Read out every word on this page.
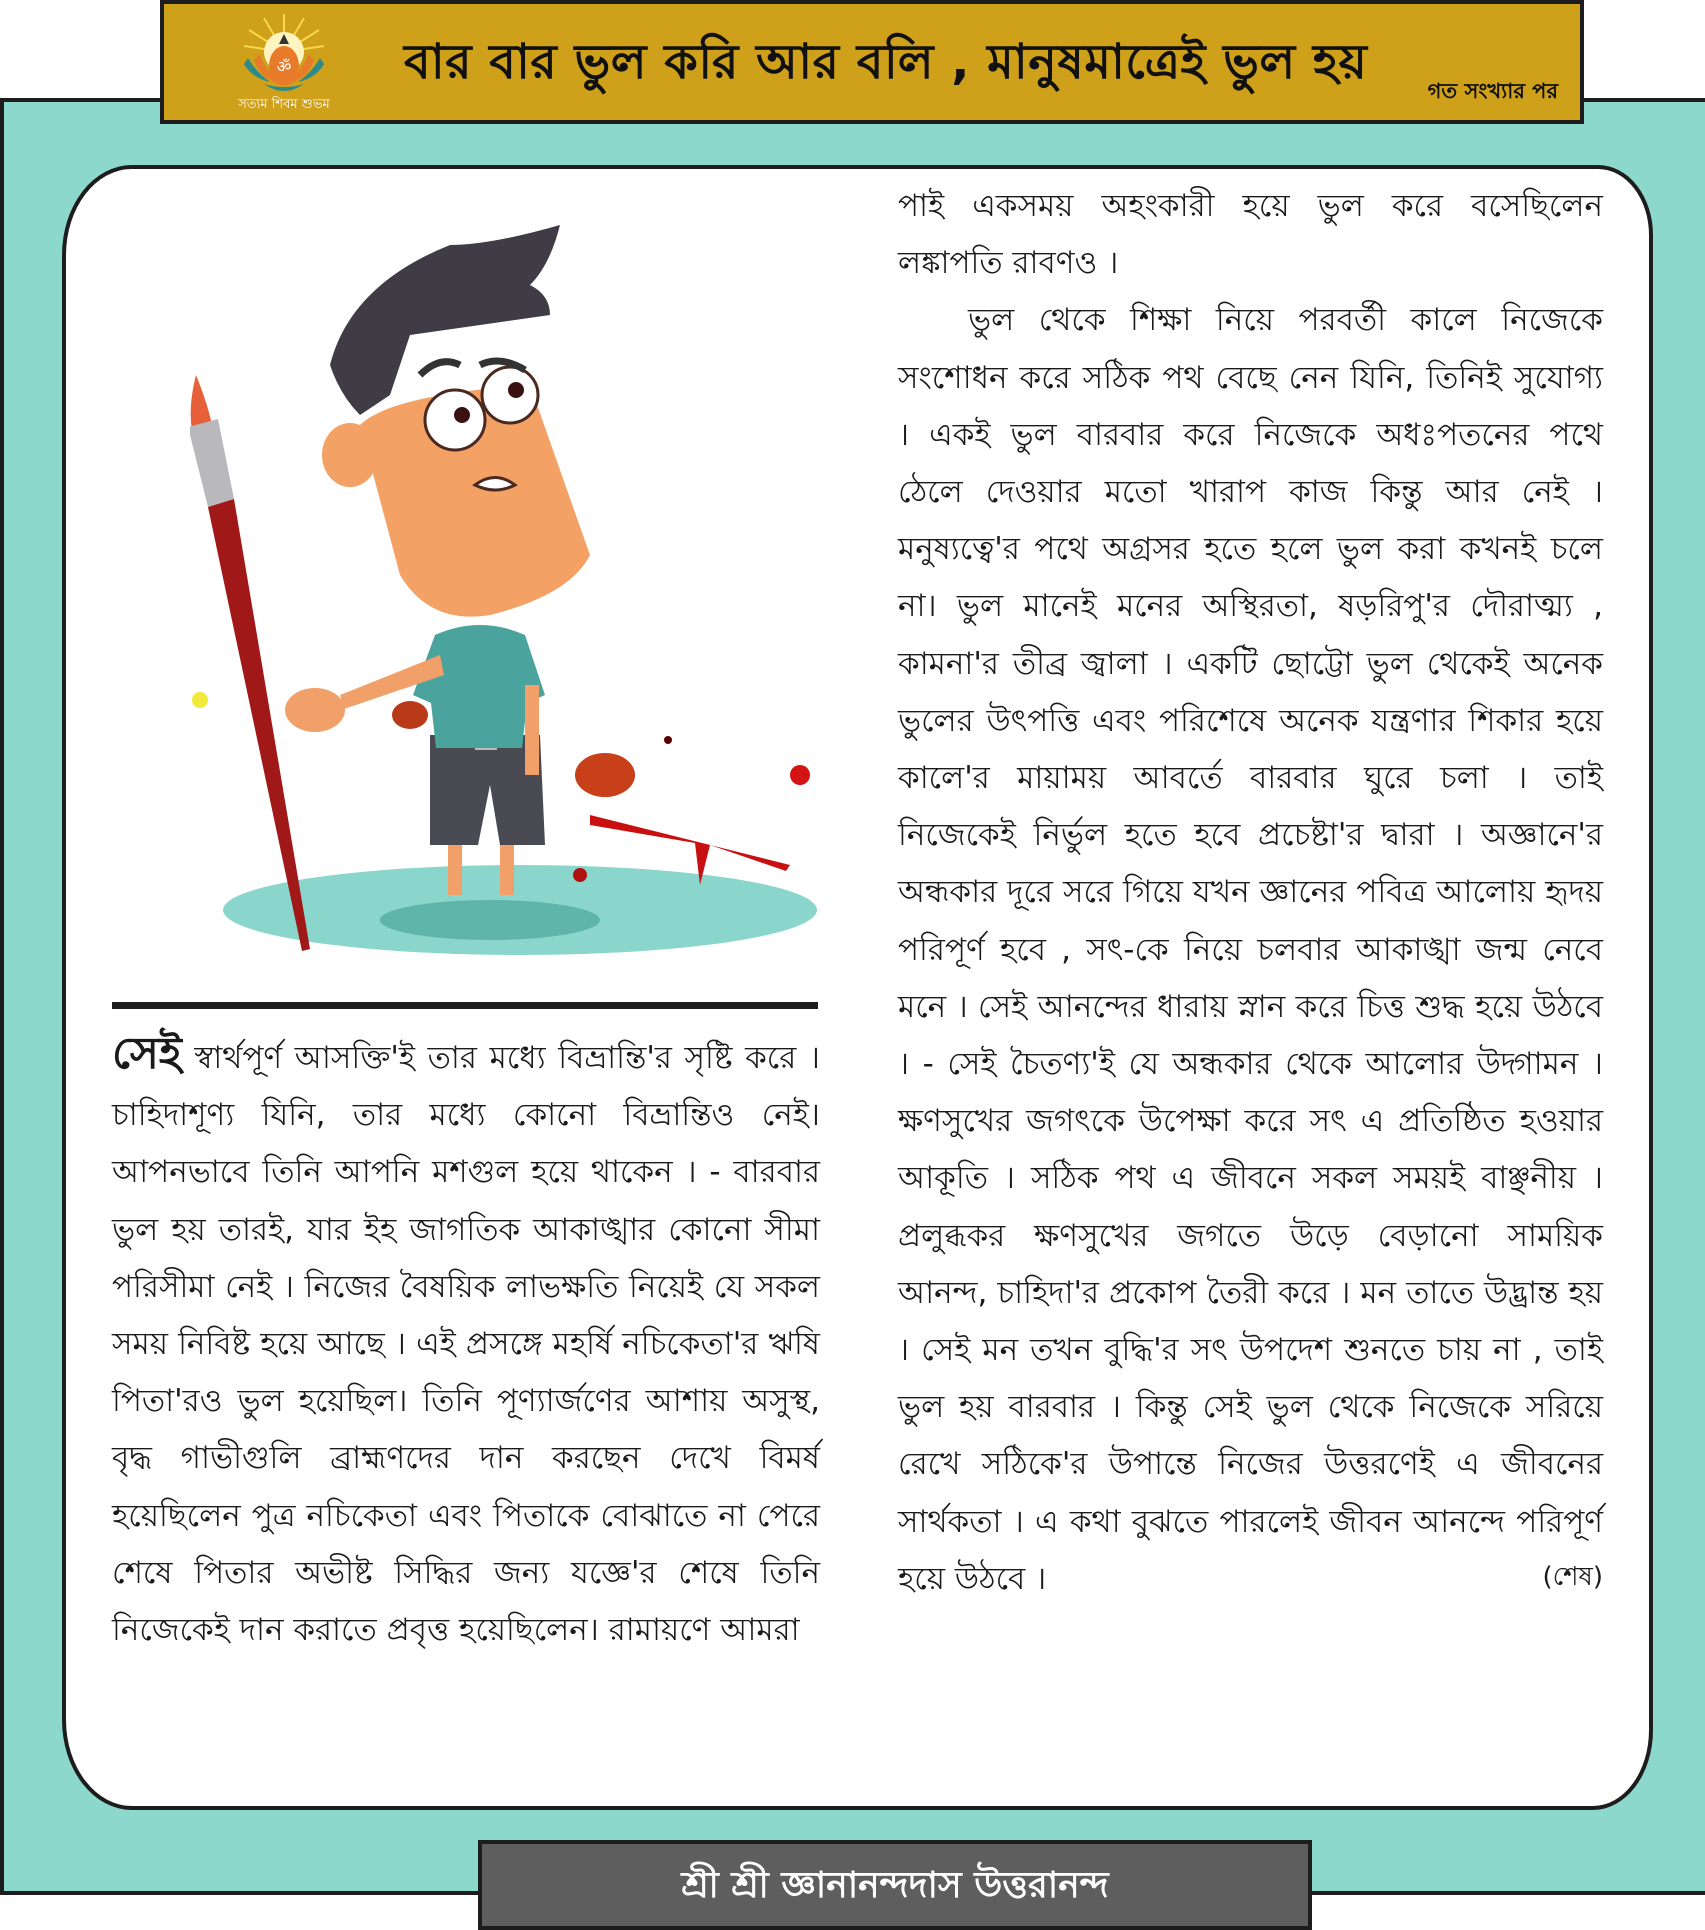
ॐ
সত্যম শিবম শুভম
বার বার ভুল করি আর বলি , মানুষমাত্রেই ভুল হয়
গত সংখ্যার পর

সেই স্বার্থপূর্ণ আসক্তি'ই তার মধ্যে বিভ্রান্তি'র সৃষ্টি করে । চাহিদাশূণ্য যিনি, তার মধ্যে কোনো বিভ্রান্তিও নেই। আপনভাবে তিনি আপনি মশগুল হয়ে থাকেন । - বারবার ভুল হয় তারই, যার ইহ জাগতিক আকাঙ্খার কোনো সীমা পরিসীমা নেই । নিজের বৈষয়িক লাভক্ষতি নিয়েই যে সকল সময় নিবিষ্ট হয়ে আছে । এই প্রসঙ্গে মহর্ষি নচিকেতা'র ঋষি পিতা'রও ভুল হয়েছিল। তিনি পূণ্যার্জণের আশায় অসুস্থ, বৃদ্ধ গাভীগুলি ব্রাহ্মণদের দান করছেন দেখে বিমর্ষ হয়েছিলেন পুত্র নচিকেতা এবং পিতাকে বোঝাতে না পেরে শেষে পিতার অভীষ্ট সিদ্ধির জন্য যজ্ঞে'র শেষে তিনি নিজেকেই দান করাতে প্রবৃত্ত হয়েছিলেন। রামায়ণে আমরা

পাই একসময় অহংকারী হয়ে ভুল করে বসেছিলেন লঙ্কাপতি রাবণও ।

ভুল থেকে শিক্ষা নিয়ে পরবর্তী কালে নিজেকে সংশোধন করে সঠিক পথ বেছে নেন যিনি, তিনিই সুযোগ্য । একই ভুল বারবার করে নিজেকে অধঃপতনের পথে ঠেলে দেওয়ার মতো খারাপ কাজ কিন্তু আর নেই । মনুষ্যত্বে'র পথে অগ্রসর হতে হলে ভুল করা কখনই চলে না। ভুল মানেই মনের অস্থিরতা, ষড়রিপু'র দৌরাত্ম্য , কামনা'র তীব্র জ্বালা । একটি ছোট্টো ভুল থেকেই অনেক ভুলের উৎপত্তি এবং পরিশেষে অনেক যন্ত্রণার শিকার হয়ে কালে'র মায়াময় আবর্তে বারবার ঘুরে চলা । তাই নিজেকেই নির্ভুল হতে হবে প্রচেষ্টা'র দ্বারা । অজ্ঞানে'র অন্ধকার দূরে সরে গিয়ে যখন জ্ঞানের পবিত্র আলোয় হৃদয় পরিপূর্ণ হবে , সৎ-কে নিয়ে চলবার আকাঙ্খা জন্ম নেবে মনে । সেই আনন্দের ধারায় স্নান করে চিত্ত শুদ্ধ হয়ে উঠবে । - সেই চৈতণ্য'ই যে অন্ধকার থেকে আলোর উদ্গামন । ক্ষণসুখের জগৎকে উপেক্ষা করে সৎ এ প্রতিষ্ঠিত হওয়ার আকূতি । সঠিক পথ এ জীবনে সকল সময়ই বাঞ্ছনীয় । প্রলুব্ধকর ক্ষণসুখের জগতে উড়ে বেড়ানো সাময়িক আনন্দ, চাহিদা'র প্রকোপ তৈরী করে । মন তাতে উদ্ভ্রান্ত হয় । সেই মন তখন বুদ্ধি'র সৎ উপদেশ শুনতে চায় না , তাই ভুল হয় বারবার । কিন্তু সেই ভুল থেকে নিজেকে সরিয়ে রেখে সঠিকে'র উপান্তে নিজের উত্তরণেই এ জীবনের সার্থকতা । এ কথা বুঝতে পারলেই জীবন আনন্দে পরিপূর্ণ হয়ে উঠবে ।	(শেষ)
শ্রী শ্রী জ্ঞানানন্দদাস উত্তরানন্দ
